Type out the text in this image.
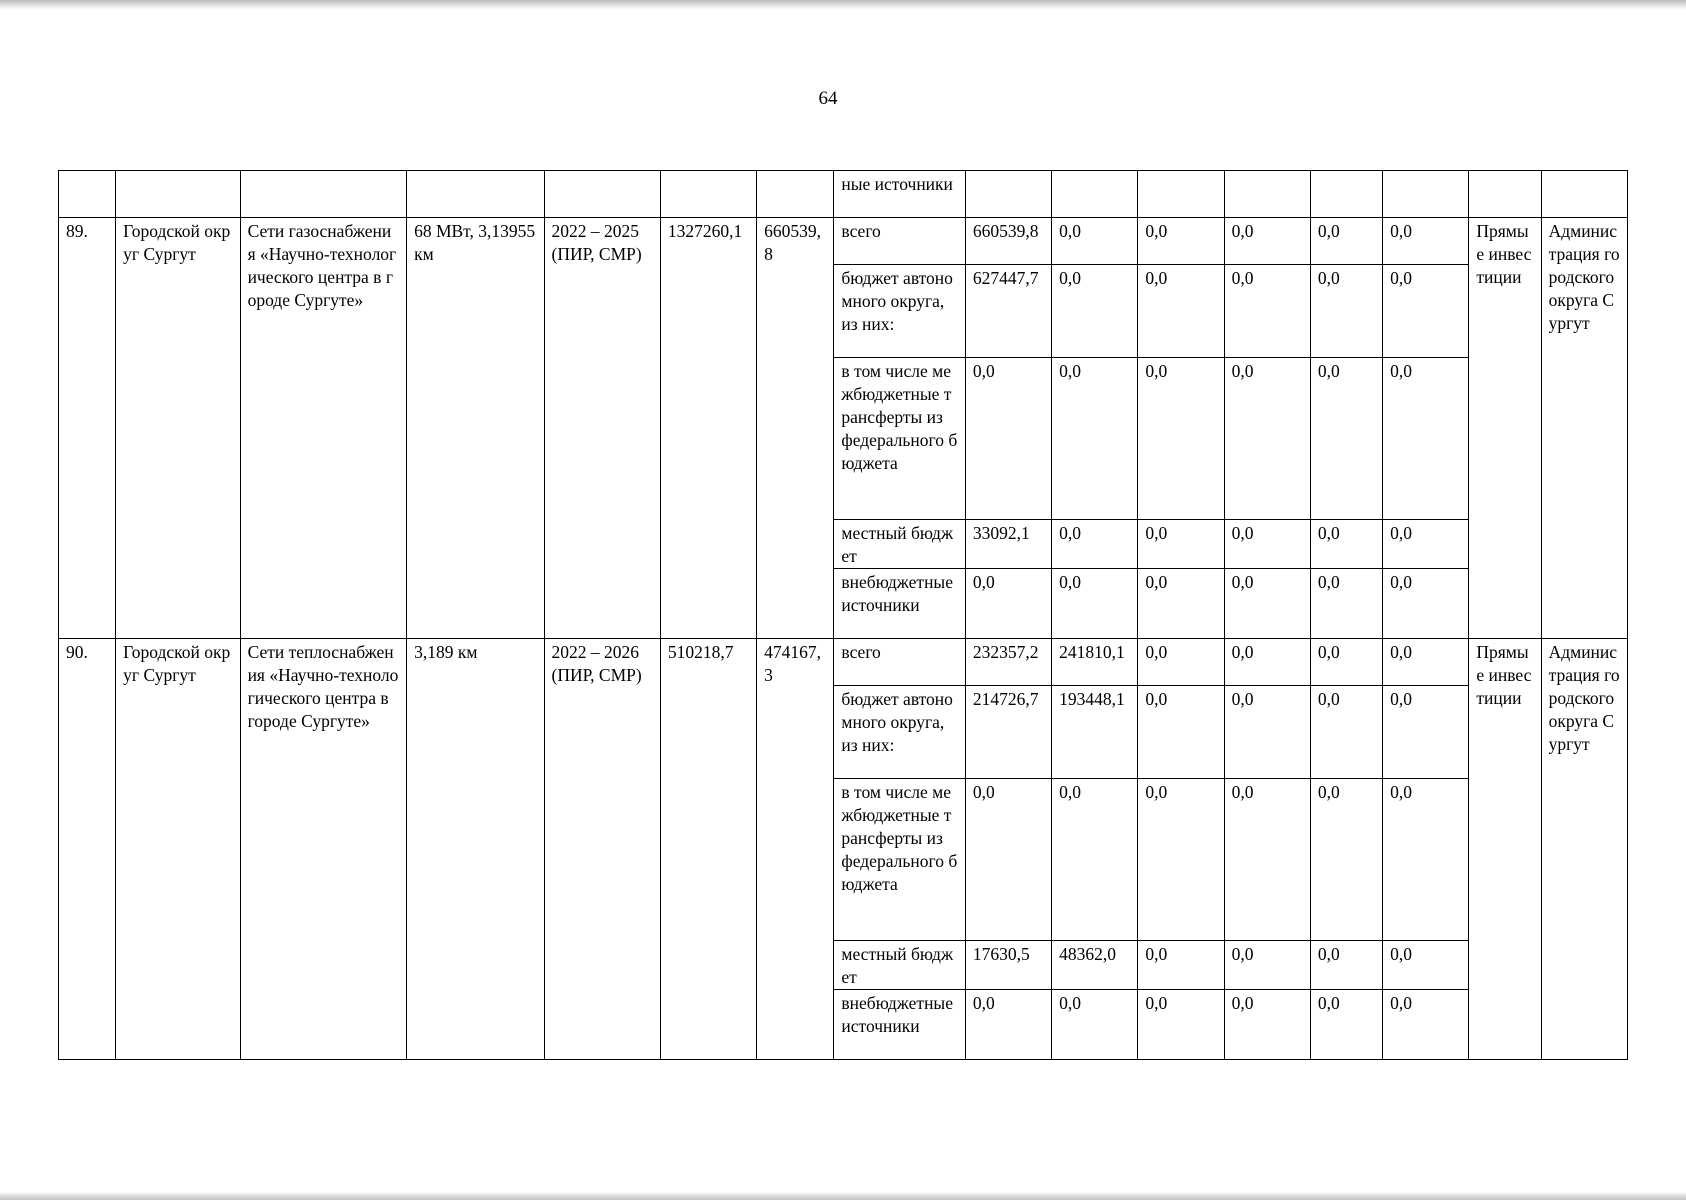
64
							ные источники								
89.	Городской округ Сургут	Сети газоснабжения «Научно-технологического центра в городе Сургуте»	68 МВт, 3,13955 км	2022 – 2025 (ПИР, СМР)	1327260,1	660539,8	всего	660539,8	0,0	0,0	0,0	0,0	0,0	Прямые инвестиции	Администрация городского округа Сургут
							бюджет автономного округа, из них:	627447,7	0,0	0,0	0,0	0,0	0,0		
							в том числе межбюджетные трансферты из федерального бюджета	0,0	0,0	0,0	0,0	0,0	0,0		
							местный бюджет	33092,1	0,0	0,0	0,0	0,0	0,0		
							внебюджетные источники	0,0	0,0	0,0	0,0	0,0	0,0		
90.	Городской округ Сургут	Сети теплоснабжения «Научно-технологического центра в городе Сургуте»	3,189 км	2022 – 2026 (ПИР, СМР)	510218,7	474167,3	всего	232357,2	241810,1	0,0	0,0	0,0	0,0	Прямые инвестиции	Администрация городского округа Сургут
							бюджет автономного округа, из них:	214726,7	193448,1	0,0	0,0	0,0	0,0		
							в том числе межбюджетные трансферты из федерального бюджета	0,0	0,0	0,0	0,0	0,0	0,0		
							местный бюджет	17630,5	48362,0	0,0	0,0	0,0	0,0		
							внебюджетные источники	0,0	0,0	0,0	0,0	0,0	0,0		
